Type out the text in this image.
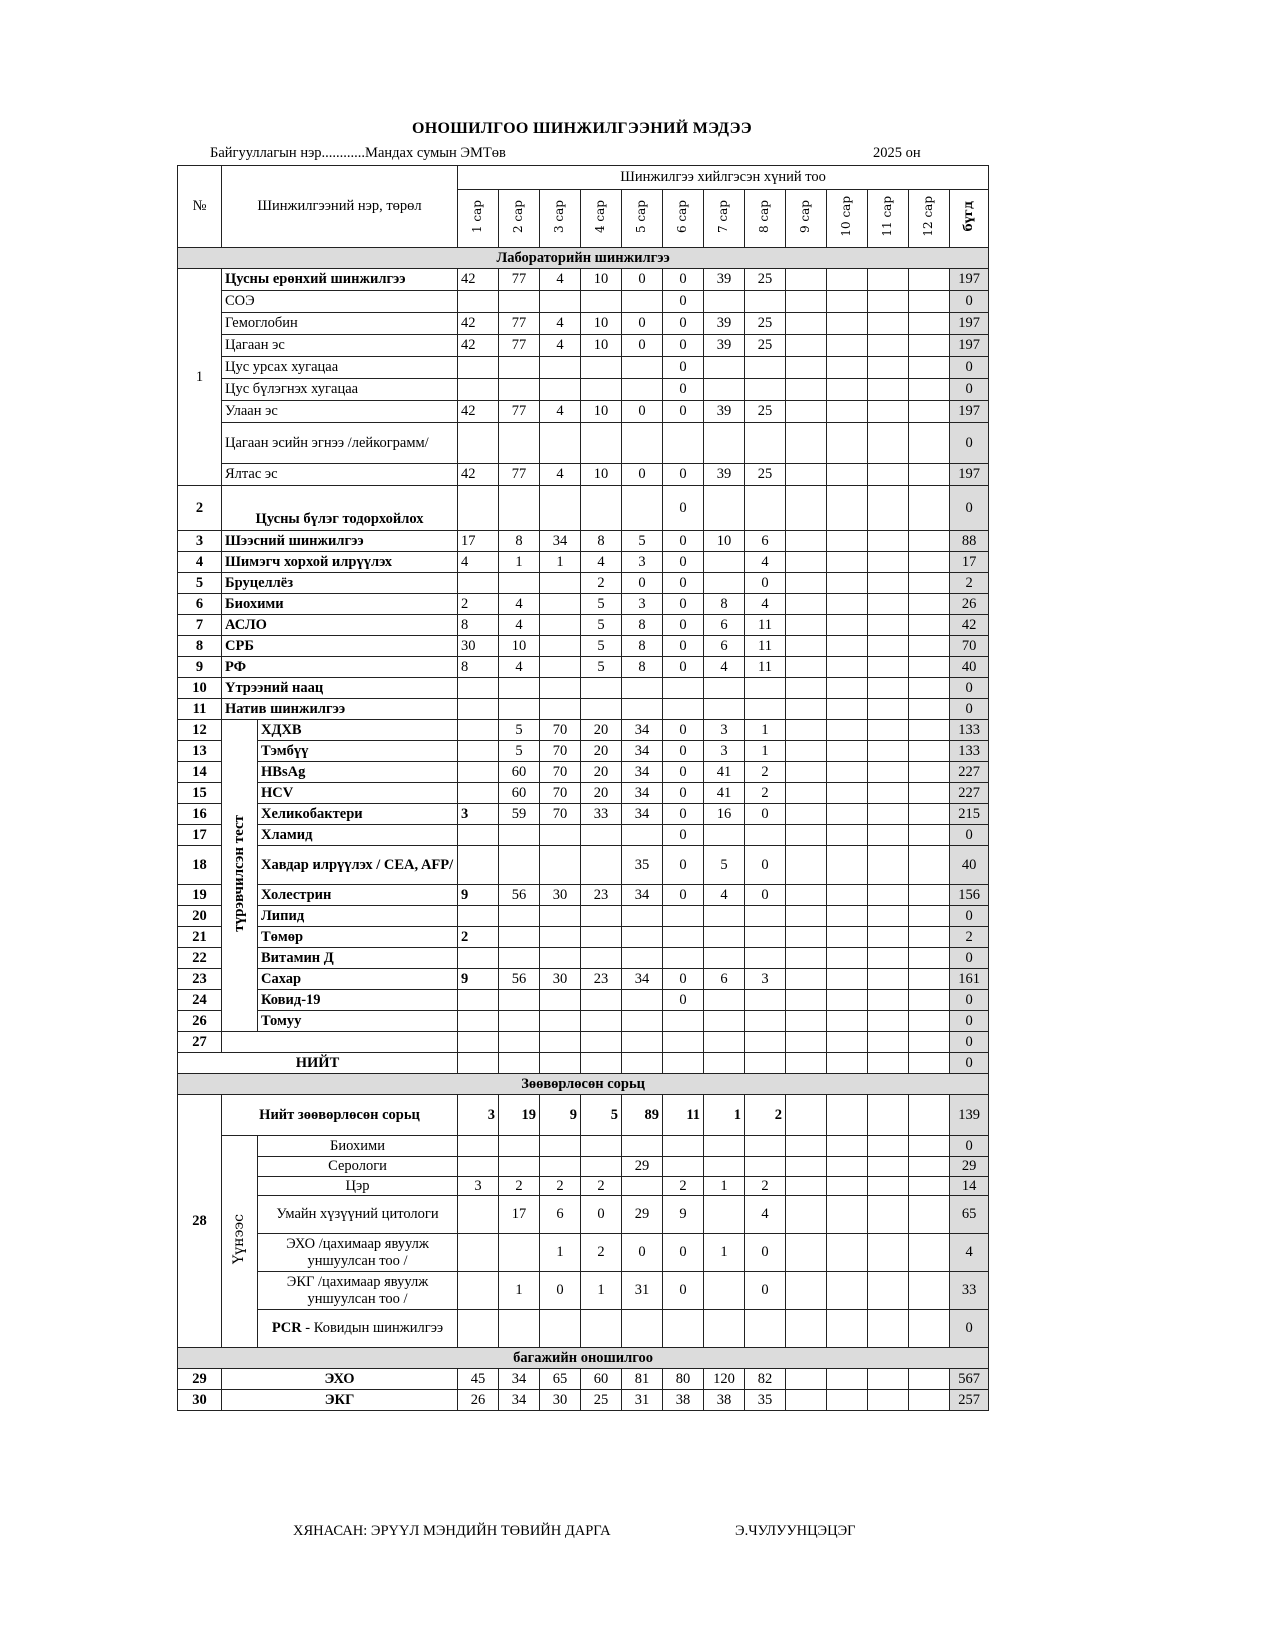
ОНОШИЛГОО ШИНЖИЛГЭЭНИЙ МЭДЭЭ
Байгууллагын нэр............Мандах сумын ЭМТөв	2025 он
№	Шинжилгээний нэр, төрөл		Шинжилгээ хийлгэсэн хүний тоо												
			1 сар	2 сар	3 сар	4 сар	5 сар	6 сар	7 сар	8 сар	9 сар	10 сар	11 сар	12 сар	бүгд
Лабораторийн шинжилгээ															
1	Цусны ерөнхий шинжилгээ		42	77	4	10	0	0	39	25					197
	СОЭ							0							0
	Гемоглобин		42	77	4	10	0	0	39	25					197
	Цагаан эс		42	77	4	10	0	0	39	25					197
	Цус урсах хугацаа							0							0
	Цус бүлэгнэх хугацаа							0							0
	Улаан эс		42	77	4	10	0	0	39	25					197
	Цагаан эсийн эгнээ /лейкограмм/														0
	Ялтас эс		42	77	4	10	0	0	39	25					197
2	Цусны бүлэг тодорхойлох							0							0
3	Шээсний шинжилгээ		17	8	34	8	5	0	10	6					88
4	Шимэгч хорхой илрүүлэх		4	1	1	4	3	0		4					17
5	Бруцеллёз					2	0	0		0					2
6	Биохими		2	4		5	3	0	8	4					26
7	АСЛО		8	4		5	8	0	6	11					42
8	СРБ		30	10		5	8	0	6	11					70
9	РФ		8	4		5	8	0	4	11					40
10	Үтрээний наац														0
11	Натив шинжилгээ														0
12	түрэвчилсэн тест	ХДХВ		5	70	20	34	0	3	1					133
13		Тэмбүү		5	70	20	34	0	3	1					133
14		HBsAg		60	70	20	34	0	41	2					227
15		HCV		60	70	20	34	0	41	2					227
16		Хеликобактери	3	59	70	33	34	0	16	0					215
17		Хламид						0							0
18		Хавдар илрүүлэх / CEA, AFP/					35	0	5	0					40
19		Холестрин	9	56	30	23	34	0	4	0					156
20		Липид													0
21		Төмөр	2												2
22		Витамин Д													0
23		Сахар	9	56	30	23	34	0	6	3					161
24		Ковид-19						0							0
26		Томуу													0
27															0
НИЙТ															0
Зөөвөрлөсөн сорьц															
28	Нийт зөөвөрлөсөн сорьц		3	19	9	5	89	11	1	2					139
	Үүнээс	Биохими													0
		Серологи					29								29
		Цэр	3	2	2	2		2	1	2					14
		Умайн хүзүүний цитологи		17	6	0	29	9		4					65
		ЭХО /цахимаар явуулж уншуулсан тоо /			1	2	0	0	1	0					4
		ЭКГ /цахимаар явуулж уншуулсан тоо /		1	0	1	31	0		0					33
		PCR - Ковидын шинжилгээ													0
багажийн оношилгоо															
29	ЭХО		45	34	65	60	81	80	120	82					567
30	ЭКГ		26	34	30	25	31	38	38	35					257
ХЯНАСАН: ЭРҮҮЛ МЭНДИЙН ТӨВИЙН ДАРГА	Э.ЧУЛУУНЦЭЦЭГ
